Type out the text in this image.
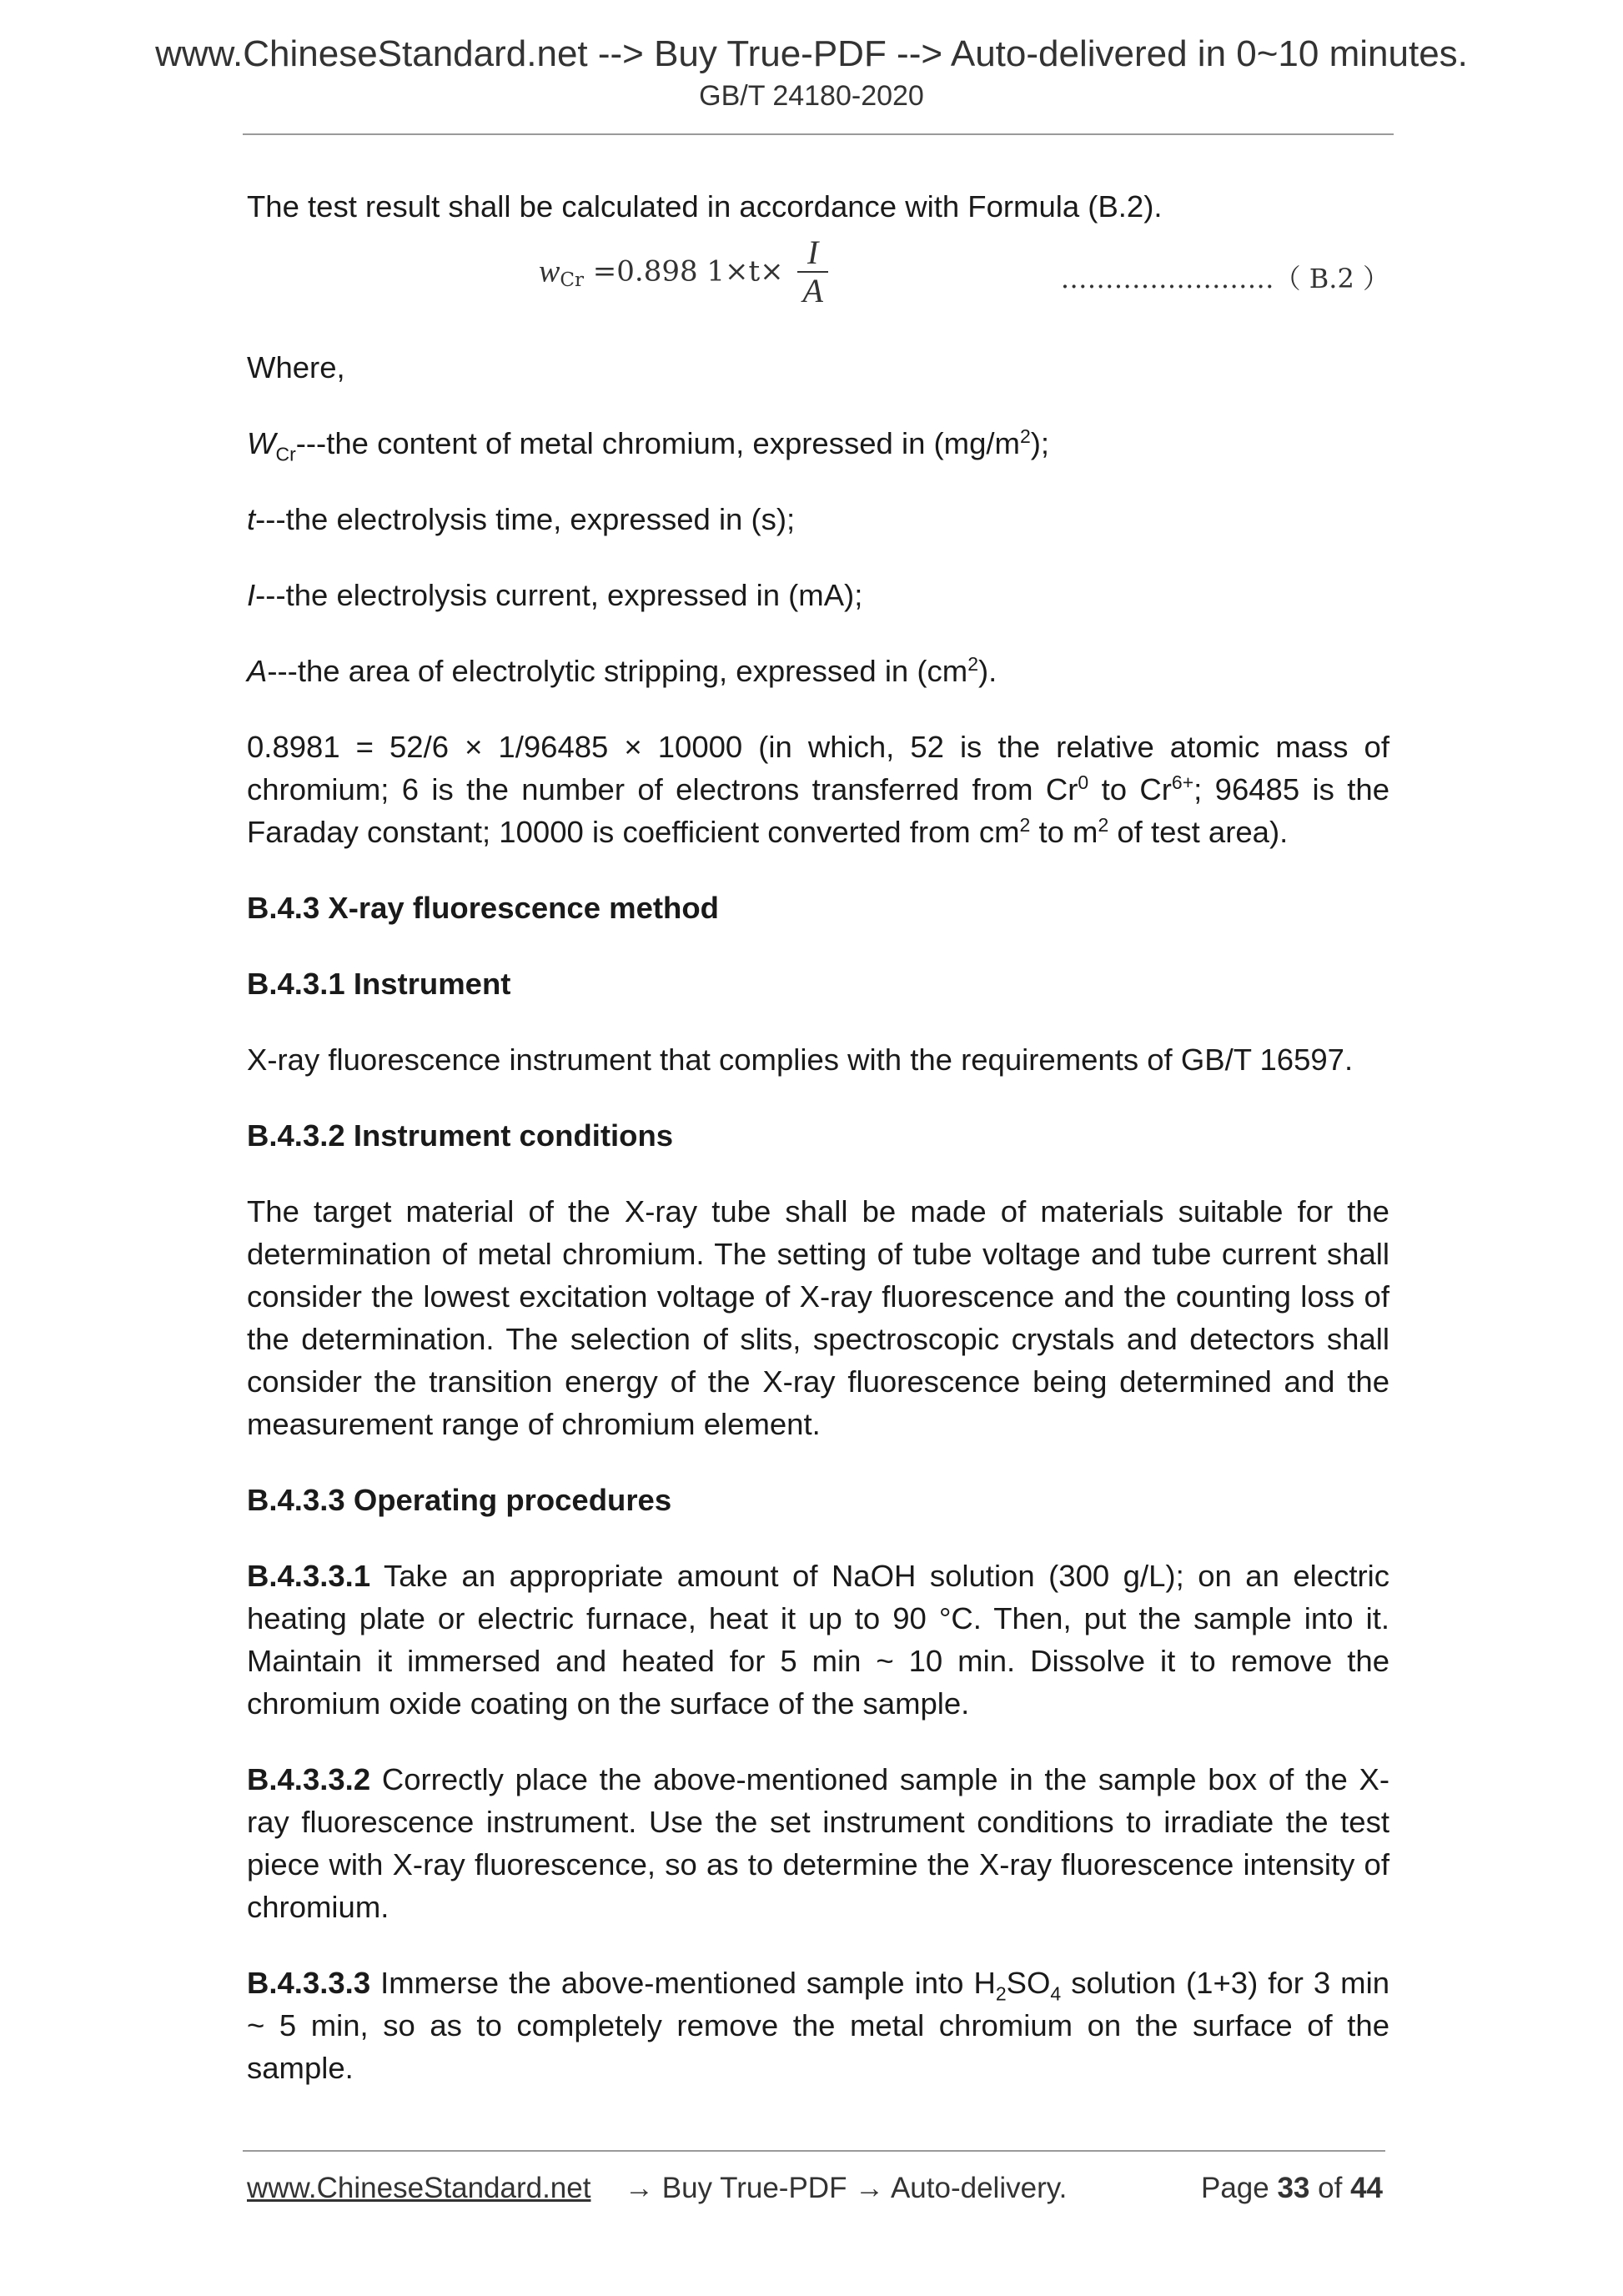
www.ChineseStandard.net --> Buy True-PDF --> Auto-delivered in 0~10 minutes.
GB/T 24180-2020

The test result shall be calculated in accordance with Formula (B.2).

$w_{Cr} =0.898$ $1\times t\times \frac{I}{A}$	……………………（ B.2 ）

Where,

$W_{Cr}--$-the content of metal chromium, expressed in $(mg/m^2)$;

t---the electrolysis time, expressed in (s);

I---the electrolysis current, expressed in (mA);

A---the area of electrolytic stripping, expressed in $(cm^2)$.

0.8981 = 52/6 × 1/96485 × 10000 (in which, 52 is the relative atomic mass of chromium; 6 is the number of electrons transferred from Cr$^0$ to $Cr^{6+}$; 96485 is the Faraday constant; 10000 is coefficient converted from $cm^2$ to $m^2$ of test area).

B.4.3 X-ray fluorescence method

B.4.3.1 Instrument

X-ray fluorescence instrument that complies with the requirements of GB/T 16597.

B.4.3.2 Instrument conditions

The target material of the X-ray tube shall be made of materials suitable for the determination of metal chromium. The setting of tube voltage and tube current shall consider the lowest excitation voltage of X-ray fluorescence and the counting loss of the determination. The selection of slits, spectroscopic crystals and detectors shall consider the transition energy of the X-ray fluorescence being determined and the measurement range of chromium element.

B.4.3.3 Operating procedures

B.4.3.3.1 Take an appropriate amount of NaOH solution (300 g/L); on an electric heating plate or electric furnace, heat it up to 90 °C. Then, put the sample into it. Maintain it immersed and heated for 5 min ~ 10 min. Dissolve it to remove the chromium oxide coating on the surface of the sample.

B.4.3.3.2 Correctly place the above-mentioned sample in the sample box of the X-ray fluorescence instrument. Use the set instrument conditions to irradiate the test piece with X-ray fluorescence, so as to determine the X-ray fluorescence intensity of chromium.

B.4.3.3.3 Immerse the above-mentioned sample into $H_2SO_4$ solution (1+3) for 3 min ~ 5 min, so as to completely remove the metal chromium on the surface of the sample.

www.ChineseStandard.net → Buy True-PDF → Auto-delivery.	Page 33 of 44
